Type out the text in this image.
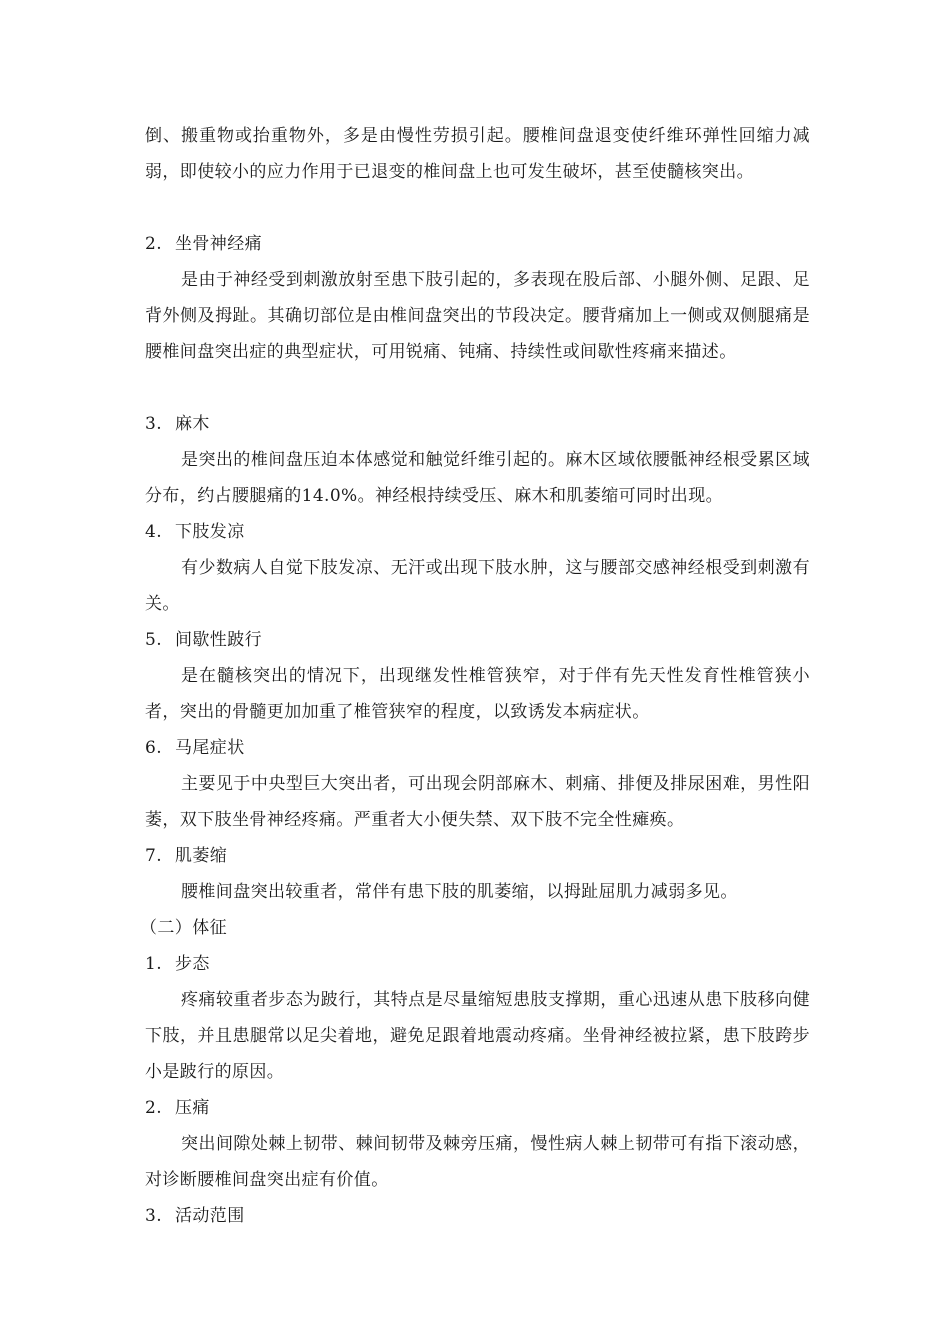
倒、搬重物或抬重物外，多是由慢性劳损引起。腰椎间盘退变使纤维环弹性回缩力减弱，即使较小的应力作用于已退变的椎间盘上也可发生破坏，甚至使髓核突出。

2. 坐骨神经痛

是由于神经受到刺激放射至患下肢引起的，多表现在股后部、小腿外侧、足跟、足背外侧及拇趾。其确切部位是由椎间盘突出的节段决定。腰背痛加上一侧或双侧腿痛是腰椎间盘突出症的典型症状，可用锐痛、钝痛、持续性或间歇性疼痛来描述。

3. 麻木

是突出的椎间盘压迫本体感觉和触觉纤维引起的。麻木区域依腰骶神经根受累区域分布，约占腰腿痛的14.0%。神经根持续受压、麻木和肌萎缩可同时出现。

4. 下肢发凉

有少数病人自觉下肢发凉、无汗或出现下肢水肿，这与腰部交感神经根受到刺激有关。

5. 间歇性跛行

是在髓核突出的情况下，出现继发性椎管狭窄，对于伴有先天性发育性椎管狭小者，突出的骨髓更加加重了椎管狭窄的程度，以致诱发本病症状。

6. 马尾症状

主要见于中央型巨大突出者，可出现会阴部麻木、刺痛、排便及排尿困难，男性阳萎，双下肢坐骨神经疼痛。严重者大小便失禁、双下肢不完全性瘫痪。

7. 肌萎缩

腰椎间盘突出较重者，常伴有患下肢的肌萎缩，以拇趾屈肌力减弱多见。

（二）体征
1. 步态

疼痛较重者步态为跛行，其特点是尽量缩短患肢支撑期，重心迅速从患下肢移向健下肢，并且患腿常以足尖着地，避免足跟着地震动疼痛。坐骨神经被拉紧，患下肢跨步小是跛行的原因。

2. 压痛

突出间隙处棘上韧带、棘间韧带及棘旁压痛，慢性病人棘上韧带可有指下滚动感，对诊断腰椎间盘突出症有价值。

3. 活动范围
